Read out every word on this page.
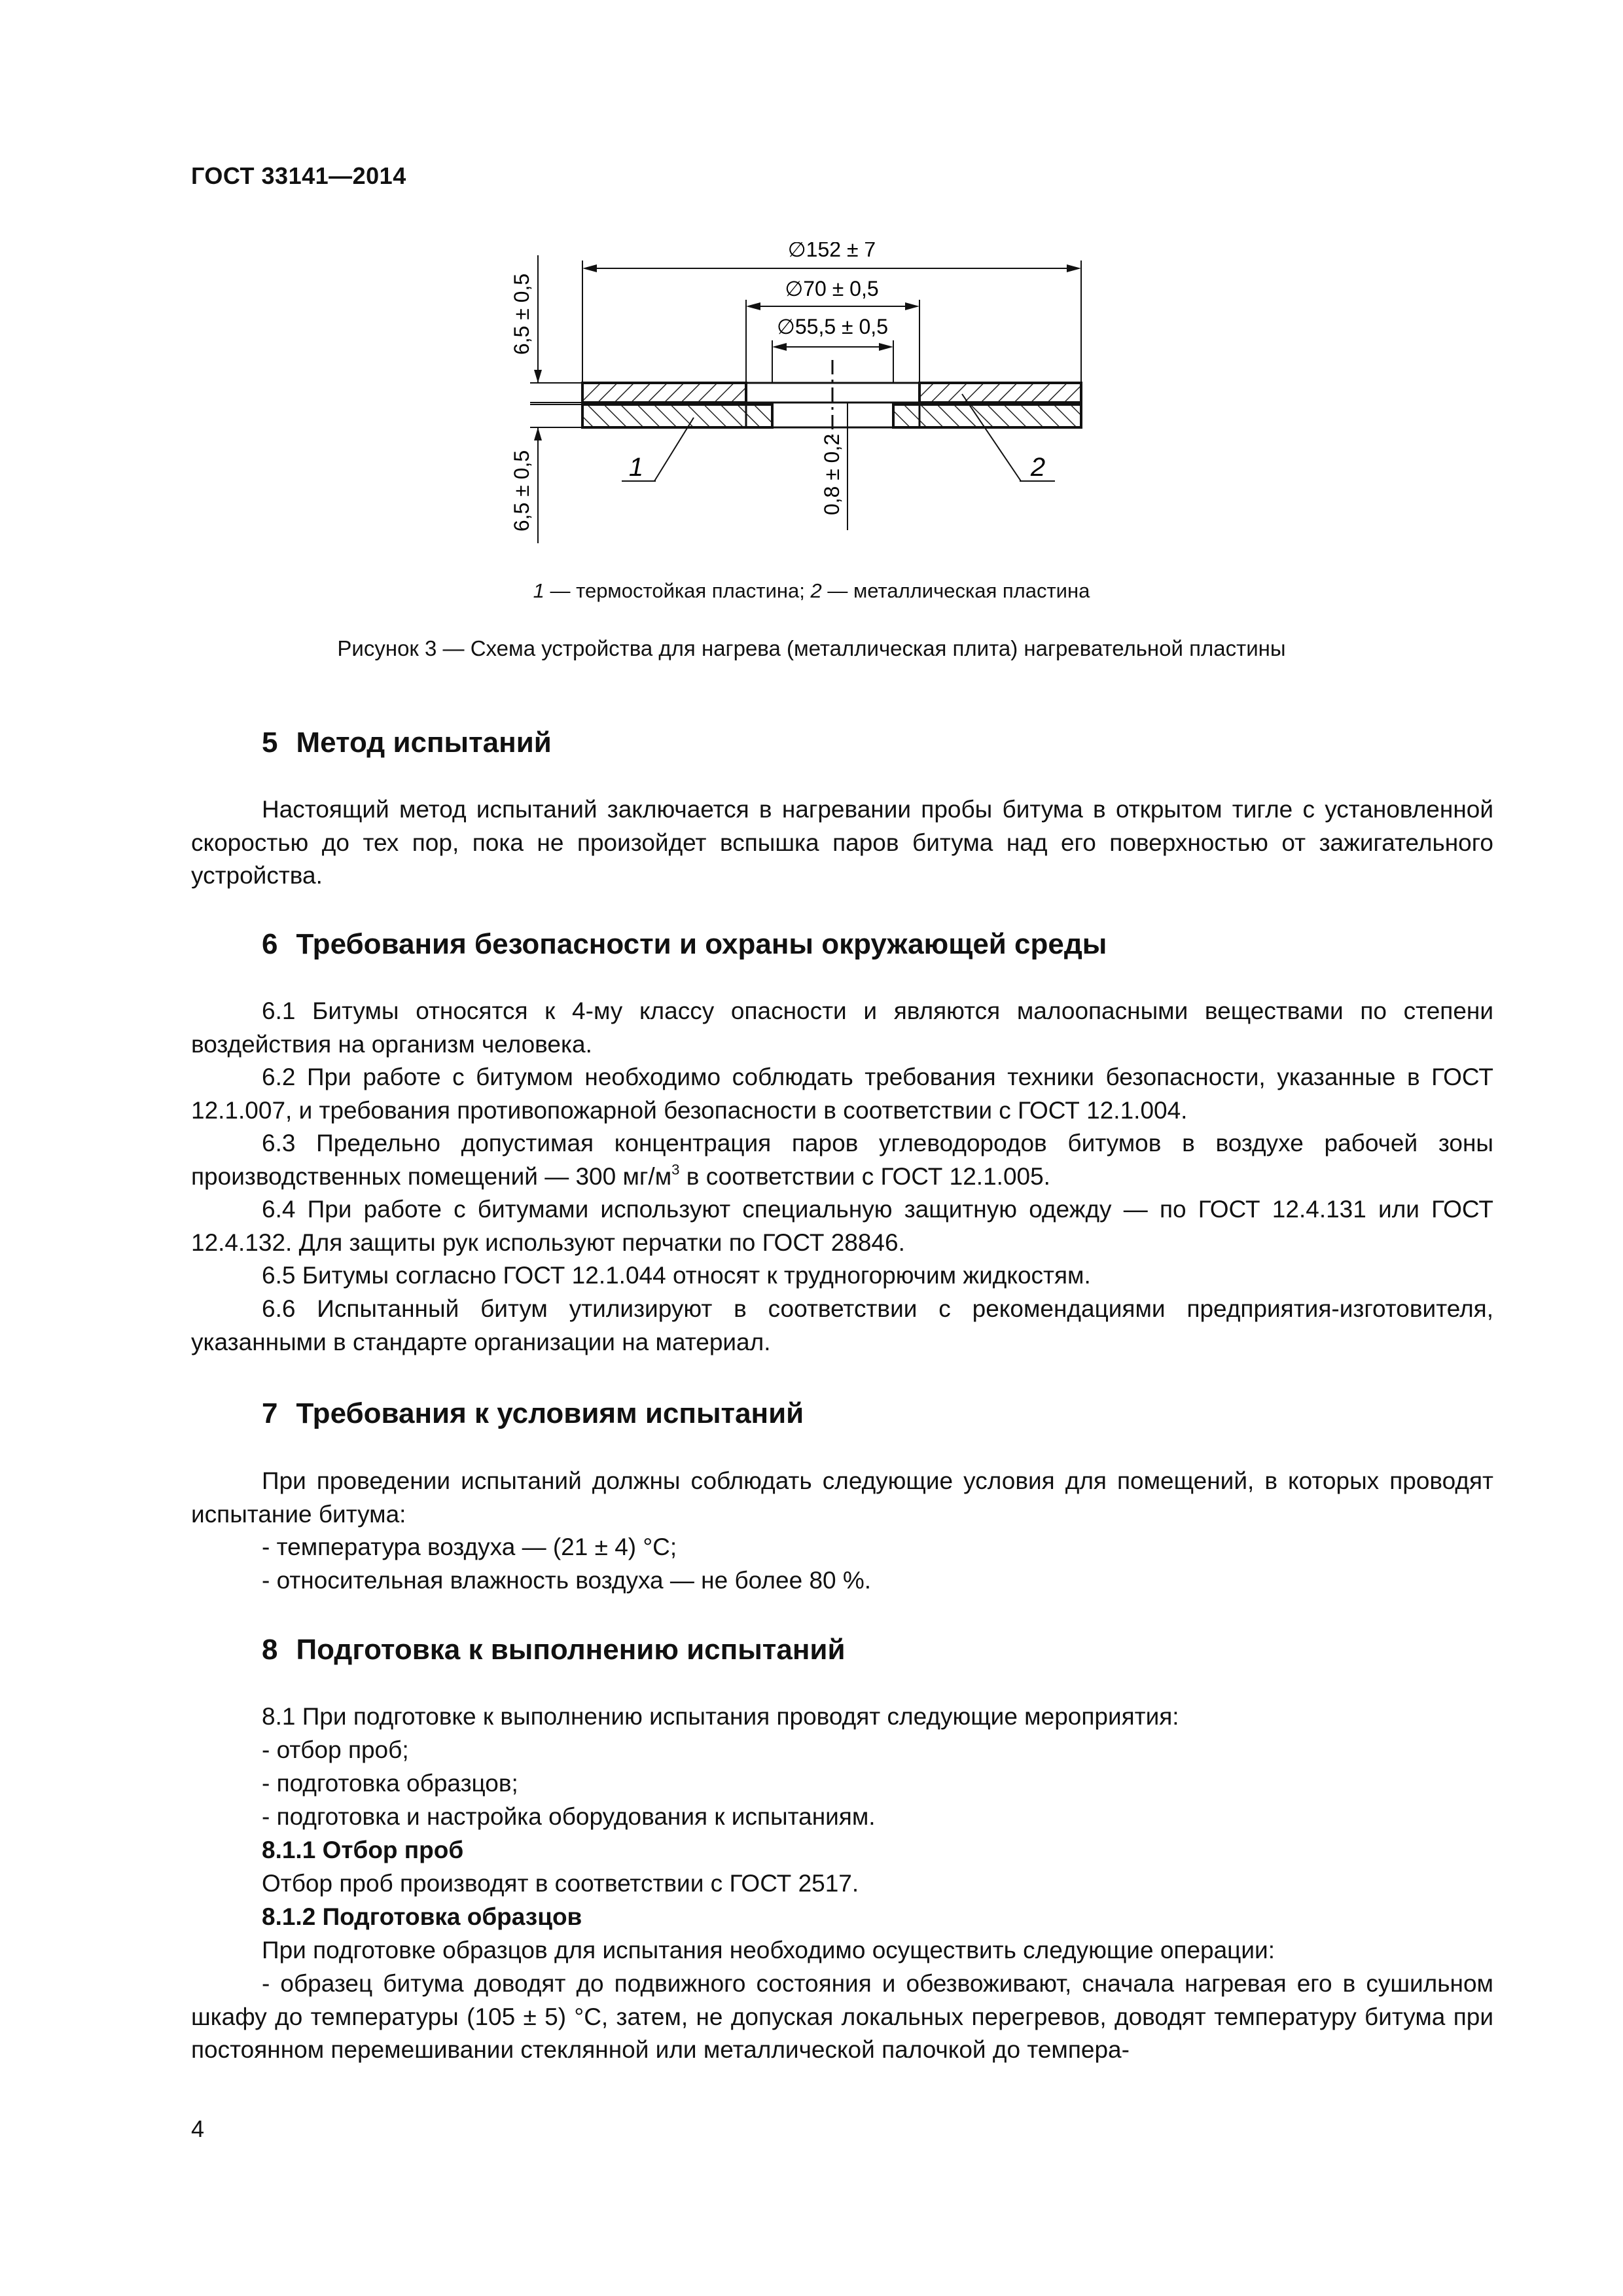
ГОСТ 33141—2014
∅152 ± 7
∅70 ± 0,5
∅55,5 ± 0,5
6,5 ± 0,5
6,5 ± 0,5	0,8 ± 0,2
1	2
1 — термостойкая пластина; 2 — металлическая пластина
Рисунок 3 — Схема устройства для нагрева (металлическая плита) нагревательной пластины
5 Метод испытаний

Настоящий метод испытаний заключается в нагревании пробы битума в открытом тигле с установленной скоростью до тех пор, пока не произойдет вспышка паров битума над его поверхностью от зажигательного устройства.

6 Требования безопасности и охраны окружающей среды

6.1 Битумы относятся к 4-му классу опасности и являются малоопасными веществами по степени воздействия на организм человека.

6.2 При работе с битумом необходимо соблюдать требования техники безопасности, указанные в ГОСТ 12.1.007, и требования противопожарной безопасности в соответствии с ГОСТ 12.1.004.

6.3 Предельно допустимая концентрация паров углеводородов битумов в воздухе рабочей зоны производственных помещений — 300 $мг/м^3$ в соответствии с ГОСТ 12.1.005.

6.4 При работе с битумами используют специальную защитную одежду — по ГОСТ 12.4.131 или ГОСТ 12.4.132. Для защиты рук используют перчатки по ГОСТ 28846.

6.5 Битумы согласно ГОСТ 12.1.044 относят к трудногорючим жидкостям.

6.6 Испытанный битум утилизируют в соответствии с рекомендациями предприятия-изготовителя, указанными в стандарте организации на материал.

7 Требования к условиям испытаний

При проведении испытаний должны соблюдать следующие условия для помещений, в которых проводят испытание битума:

- температура воздуха — (21 ± 4) °С;
- относительная влажность воздуха — не более 80 %.
8 Подготовка к выполнению испытаний
8.1 При подготовке к выполнению испытания проводят следующие мероприятия:
- отбор проб;
- подготовка образцов;
- подготовка и настройка оборудования к испытаниям.
8.1.1 Отбор проб
Отбор проб производят в соответствии с ГОСТ 2517.
8.1.2 Подготовка образцов
При подготовке образцов для испытания необходимо осуществить следующие операции:

- образец битума доводят до подвижного состояния и обезвоживают, сначала нагревая его в сушильном шкафу до температуры (105 ± 5) °С, затем, не допуская локальных перегревов, доводят температуру битума при постоянном перемешивании стеклянной или металлической палочкой до темпера-

4
